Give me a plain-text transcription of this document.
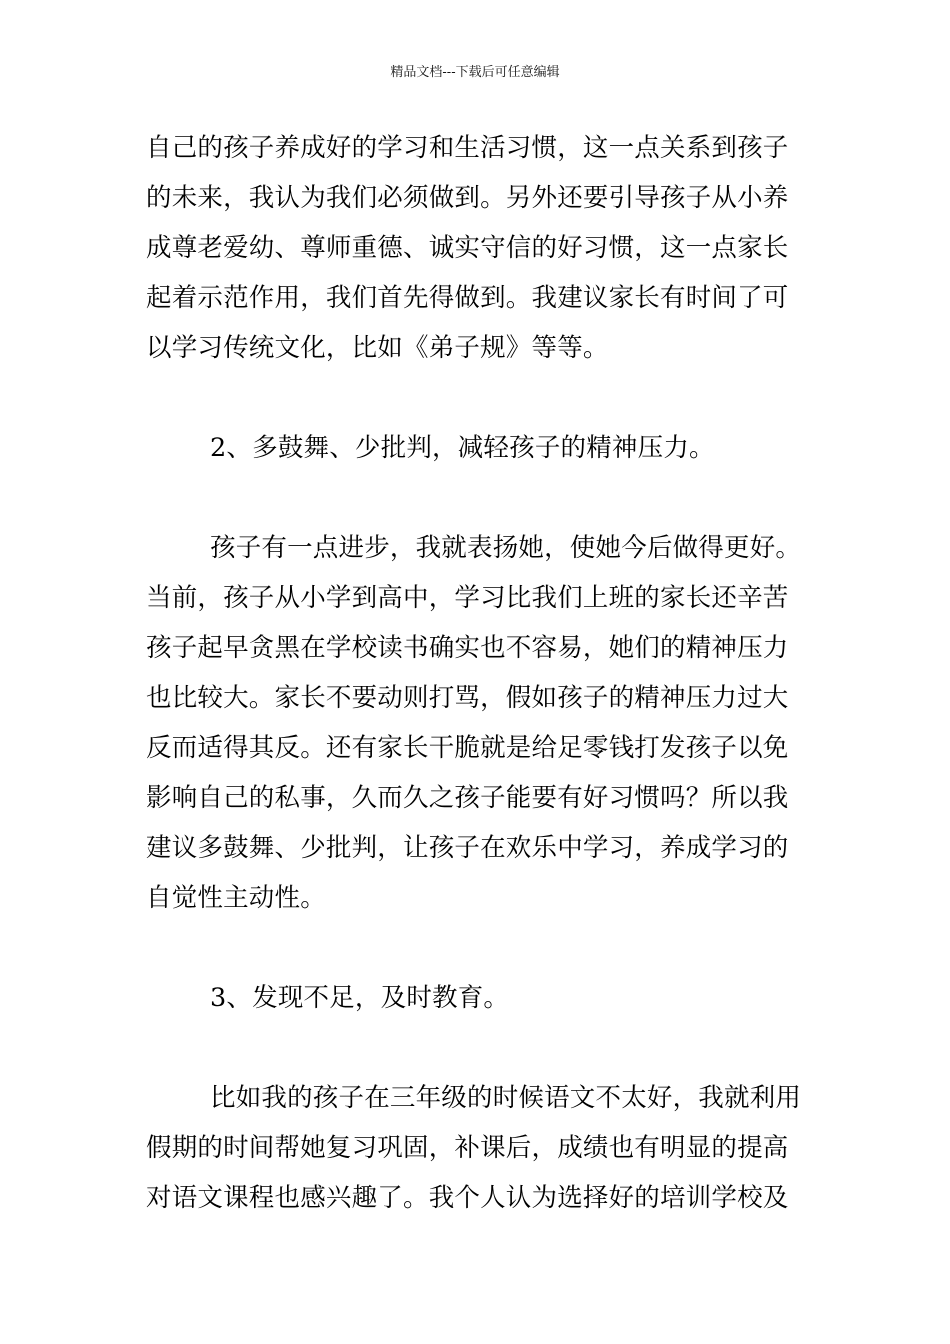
精品文档---下载后可任意编辑
自己的孩子养成好的学习和生活习惯，这一点关系到孩子
的未来，我认为我们必须做到。另外还要引导孩子从小养
成尊老爱幼、尊师重德、诚实守信的好习惯，这一点家长
起着示范作用，我们首先得做到。我建议家长有时间了可
以学习传统文化，比如《弟子规》等等。
2、多鼓舞、少批判，减轻孩子的精神压力。
孩子有一点进步，我就表扬她，使她今后做得更好。
当前，孩子从小学到高中，学习比我们上班的家长还辛苦
孩子起早贪黑在学校读书确实也不容易，她们的精神压力
也比较大。家长不要动则打骂，假如孩子的精神压力过大
反而适得其反。还有家长干脆就是给足零钱打发孩子以免
影响自己的私事，久而久之孩子能要有好习惯吗？所以我
建议多鼓舞、少批判，让孩子在欢乐中学习，养成学习的
自觉性主动性。
3、发现不足，及时教育。
比如我的孩子在三年级的时候语文不太好，我就利用
假期的时间帮她复习巩固，补课后，成绩也有明显的提高
对语文课程也感兴趣了。我个人认为选择好的培训学校及
